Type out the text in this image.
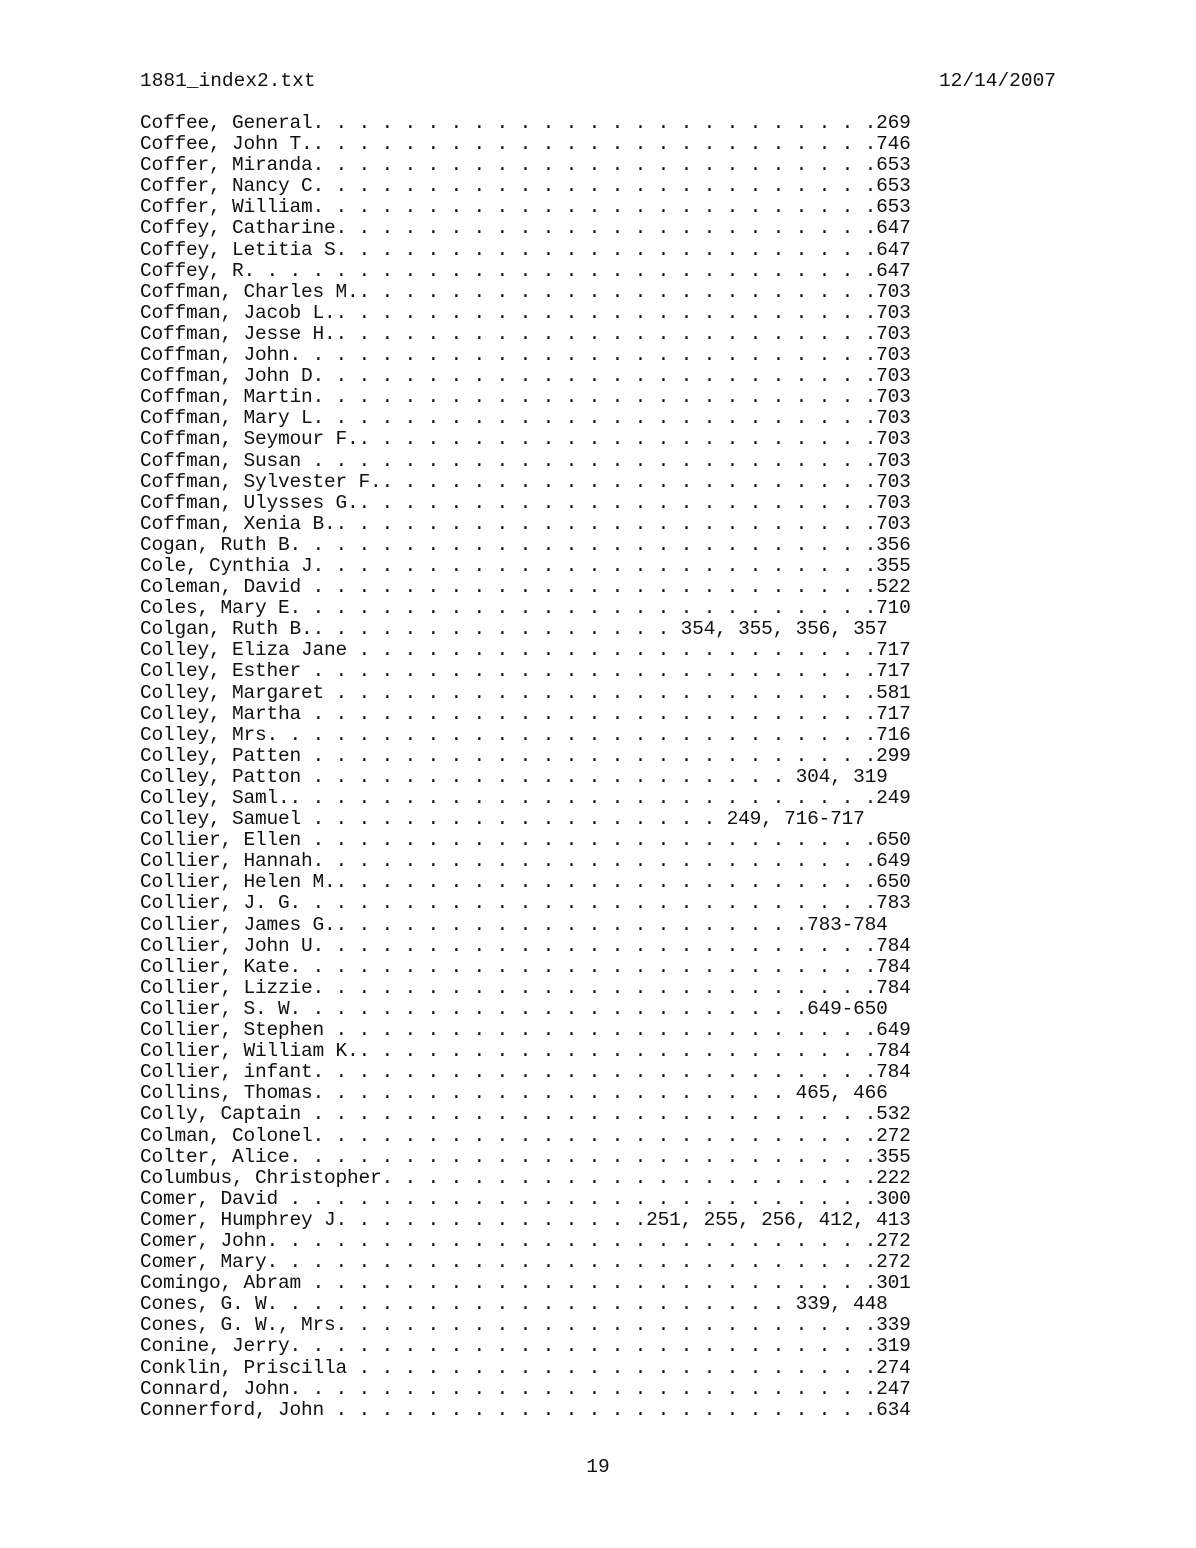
1881_index2.txt	12/14/2007
Coffee, General. . . . . . . . . . . . . . . . . . . . . . . . .269
Coffee, John T.. . . . . . . . . . . . . . . . . . . . . . . . .746
Coffer, Miranda. . . . . . . . . . . . . . . . . . . . . . . . .653
Coffer, Nancy C. . . . . . . . . . . . . . . . . . . . . . . . .653
Coffer, William. . . . . . . . . . . . . . . . . . . . . . . . .653
Coffey, Catharine. . . . . . . . . . . . . . . . . . . . . . . .647
Coffey, Letitia S. . . . . . . . . . . . . . . . . . . . . . . .647
Coffey, R. . . . . . . . . . . . . . . . . . . . . . . . . . . .647
Coffman, Charles M.. . . . . . . . . . . . . . . . . . . . . . .703
Coffman, Jacob L.. . . . . . . . . . . . . . . . . . . . . . . .703
Coffman, Jesse H.. . . . . . . . . . . . . . . . . . . . . . . .703
Coffman, John. . . . . . . . . . . . . . . . . . . . . . . . . .703
Coffman, John D. . . . . . . . . . . . . . . . . . . . . . . . .703
Coffman, Martin. . . . . . . . . . . . . . . . . . . . . . . . .703
Coffman, Mary L. . . . . . . . . . . . . . . . . . . . . . . . .703
Coffman, Seymour F.. . . . . . . . . . . . . . . . . . . . . . .703
Coffman, Susan . . . . . . . . . . . . . . . . . . . . . . . . .703
Coffman, Sylvester F.. . . . . . . . . . . . . . . . . . . . . .703
Coffman, Ulysses G.. . . . . . . . . . . . . . . . . . . . . . .703
Coffman, Xenia B.. . . . . . . . . . . . . . . . . . . . . . . .703
Cogan, Ruth B. . . . . . . . . . . . . . . . . . . . . . . . . .356
Cole, Cynthia J. . . . . . . . . . . . . . . . . . . . . . . . .355
Coleman, David . . . . . . . . . . . . . . . . . . . . . . . . .522
Coles, Mary E. . . . . . . . . . . . . . . . . . . . . . . . . .710
Colgan, Ruth B.. . . . . . . . . . . . . . . . 354, 355, 356, 357
Colley, Eliza Jane . . . . . . . . . . . . . . . . . . . . . . .717
Colley, Esther . . . . . . . . . . . . . . . . . . . . . . . . .717
Colley, Margaret . . . . . . . . . . . . . . . . . . . . . . . .581
Colley, Martha . . . . . . . . . . . . . . . . . . . . . . . . .717
Colley, Mrs. . . . . . . . . . . . . . . . . . . . . . . . . . .716
Colley, Patten . . . . . . . . . . . . . . . . . . . . . . . . .299
Colley, Patton . . . . . . . . . . . . . . . . . . . . . 304, 319
Colley, Saml.. . . . . . . . . . . . . . . . . . . . . . . . . .249
Colley, Samuel . . . . . . . . . . . . . . . . . . 249, 716-717
Collier, Ellen . . . . . . . . . . . . . . . . . . . . . . . . .650
Collier, Hannah. . . . . . . . . . . . . . . . . . . . . . . . .649
Collier, Helen M.. . . . . . . . . . . . . . . . . . . . . . . .650
Collier, J. G. . . . . . . . . . . . . . . . . . . . . . . . . .783
Collier, James G.. . . . . . . . . . . . . . . . . . . . .783-784
Collier, John U. . . . . . . . . . . . . . . . . . . . . . . . .784
Collier, Kate. . . . . . . . . . . . . . . . . . . . . . . . . .784
Collier, Lizzie. . . . . . . . . . . . . . . . . . . . . . . . .784
Collier, S. W. . . . . . . . . . . . . . . . . . . . . . .649-650
Collier, Stephen . . . . . . . . . . . . . . . . . . . . . . . .649
Collier, William K.. . . . . . . . . . . . . . . . . . . . . . .784
Collier, infant. . . . . . . . . . . . . . . . . . . . . . . . .784
Collins, Thomas. . . . . . . . . . . . . . . . . . . . . 465, 466
Colly, Captain . . . . . . . . . . . . . . . . . . . . . . . . .532
Colman, Colonel. . . . . . . . . . . . . . . . . . . . . . . . .272
Colter, Alice. . . . . . . . . . . . . . . . . . . . . . . . . .355
Columbus, Christopher. . . . . . . . . . . . . . . . . . . . . .222
Comer, David . . . . . . . . . . . . . . . . . . . . . . . . . .300
Comer, Humphrey J. . . . . . . . . . . . . .251, 255, 256, 412, 413
Comer, John. . . . . . . . . . . . . . . . . . . . . . . . . . .272
Comer, Mary. . . . . . . . . . . . . . . . . . . . . . . . . . .272
Comingo, Abram . . . . . . . . . . . . . . . . . . . . . . . . .301
Cones, G. W. . . . . . . . . . . . . . . . . . . . . . . 339, 448
Cones, G. W., Mrs. . . . . . . . . . . . . . . . . . . . . . . .339
Conine, Jerry. . . . . . . . . . . . . . . . . . . . . . . . . .319
Conklin, Priscilla . . . . . . . . . . . . . . . . . . . . . . .274
Connard, John. . . . . . . . . . . . . . . . . . . . . . . . . .247
Connerford, John . . . . . . . . . . . . . . . . . . . . . . . .634
19
